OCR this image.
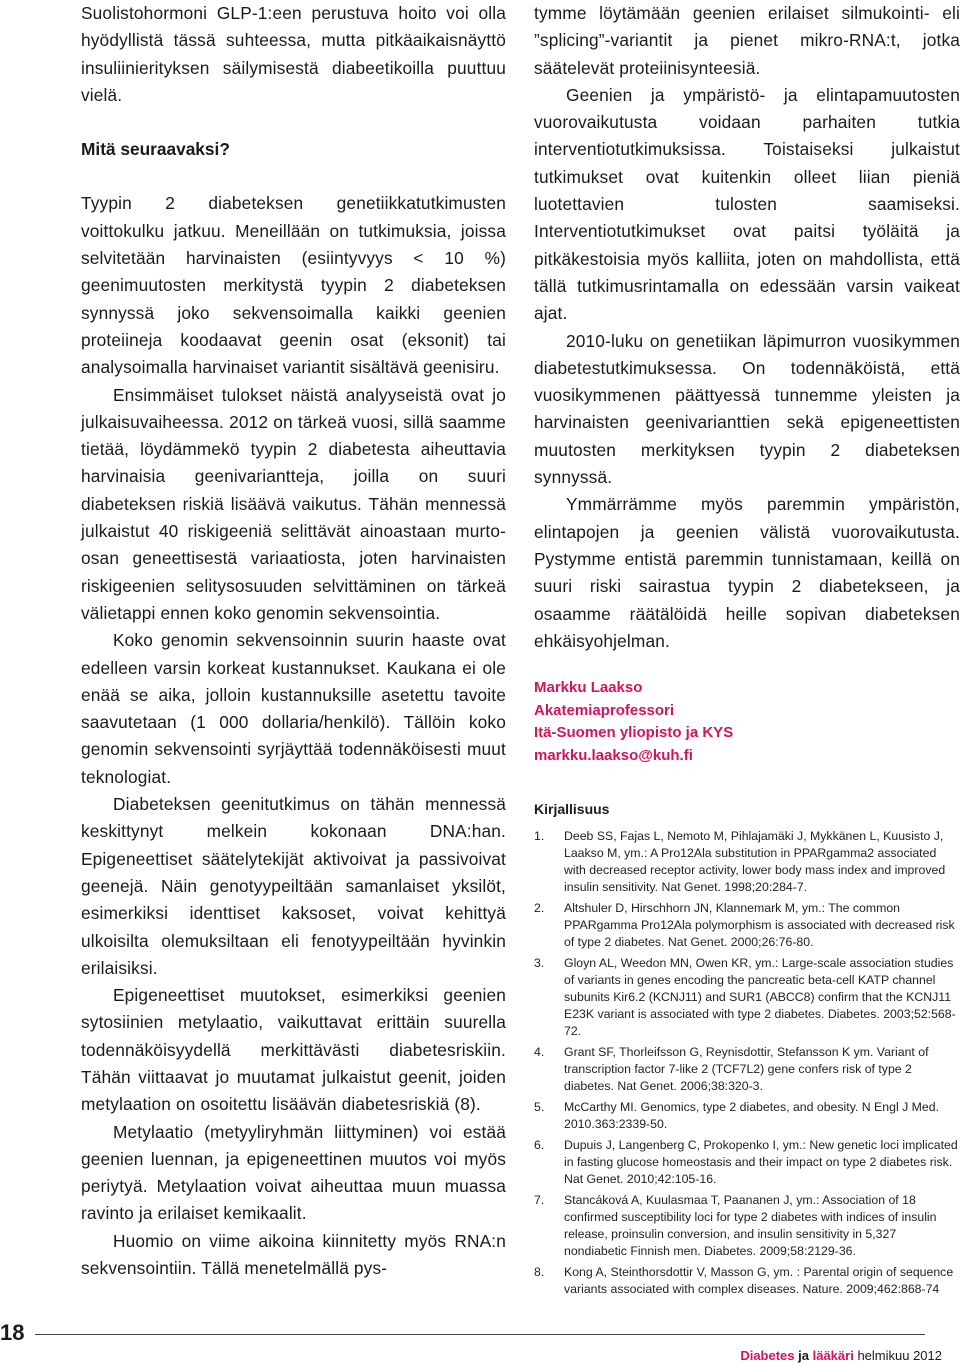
Suolistohormoni GLP-1:een perustuva hoito voi olla hyödyllistä tässä suhteessa, mutta pitkäaikaisnäyttö insuliinierityksen säilymisestä diabeetikoilla puuttuu vielä.

Mitä seuraavaksi?

Tyypin 2 diabeteksen genetiikkatutkimusten voittokulku jatkuu. Meneillään on tutkimuksia, joissa selvitetään harvinaisten (esiintyvyys < 10 %) geenimuutosten merkitystä tyypin 2 diabeteksen synnyssä joko sekvensoimalla kaikki geenien proteiineja koodaavat geenin osat (eksonit) tai analysoimalla harvinaiset variantit sisältävä geenisiru.

Ensimmäiset tulokset näistä analyyseistä ovat jo julkaisuvaiheessa. 2012 on tärkeä vuosi, sillä saamme tietää, löydämmekö tyypin 2 diabetesta aiheuttavia harvinaisia geenivariantteja, joilla on suuri diabeteksen riskiä lisäävä vaikutus. Tähän mennessä julkaistut 40 riskigeeniä selittävät ainoastaan murto-osan geneettisestä variaatiosta, joten harvinaisten riskigeenien selitysosuuden selvittäminen on tärkeä välietappi ennen koko genomin sekvensointia.

Koko genomin sekvensoinnin suurin haaste ovat edelleen varsin korkeat kustannukset. Kaukana ei ole enää se aika, jolloin kustannuksille asetettu tavoite saavutetaan (1 000 dollaria/henkilö). Tällöin koko genomin sekvensointi syrjäyttää todennäköisesti muut teknologiat.

Diabeteksen geenitutkimus on tähän mennessä keskittynyt melkein kokonaan DNA:han. Epigeneettiset säätelytekijät aktivoivat ja passivoivat geenejä. Näin genotyypeiltään samanlaiset yksilöt, esimerkiksi identtiset kaksoset, voivat kehittyä ulkoisilta olemuksiltaan eli fenotyypeiltään hyvinkin erilaisiksi.

Epigeneettiset muutokset, esimerkiksi geenien sytosiinien metylaatio, vaikuttavat erittäin suurella todennäköisyydellä merkittävästi diabetesriskiin. Tähän viittaavat jo muutamat julkaistut geenit, joiden metylaation on osoitettu lisäävän diabetesriskiä (8).

Metylaatio (metyyliryhmän liittyminen) voi estää geenien luennan, ja epigeneettinen muutos voi myös periytyä. Metylaation voivat aiheuttaa muun muassa ravinto ja erilaiset kemikaalit.

Huomio on viime aikoina kiinnitetty myös RNA:n sekvensointiin. Tällä menetelmällä pys-

tymme löytämään geenien erilaiset silmukointi- eli ”splicing”-variantit ja pienet mikro-RNA:t, jotka säätelevät proteiinisynteesiä.

Geenien ja ympäristö- ja elintapamuutosten vuorovaikutusta voidaan parhaiten tutkia interventiotutkimuksissa. Toistaiseksi julkaistut tutkimukset ovat kuitenkin olleet liian pieniä luotettavien tulosten saamiseksi. Interventiotutkimukset ovat paitsi työläitä ja pitkäkestoisia myös kalliita, joten on mahdollista, että tällä tutkimusrintamalla on edessään varsin vaikeat ajat.

2010-luku on genetiikan läpimurron vuosikymmen diabetestutkimuksessa. On todennäköistä, että vuosikymmenen päättyessä tunnemme yleisten ja harvinaisten geenivarianttien sekä epigeneettisten muutosten merkityksen tyypin 2 diabeteksen synnyssä.

Ymmärrämme myös paremmin ympäristön, elintapojen ja geenien välistä vuorovaikutusta. Pystymme entistä paremmin tunnistamaan, keillä on suuri riski sairastua tyypin 2 diabetekseen, ja osaamme räätälöidä heille sopivan diabeteksen ehkäisyohjelman.

Markku Laakso
Akatemiaprofessori
Itä-Suomen yliopisto ja KYS
markku.laakso@kuh.fi
Kirjallisuus
1. Deeb SS, Fajas L, Nemoto M, Pihlajamäki J, Mykkänen L, Kuusisto J, Laakso M, ym.: A Pro12Ala substitution in PPARgamma2 associated with decreased receptor activity, lower body mass index and improved insulin sensitivity. Nat Genet. 1998;20:284-7.
2. Altshuler D, Hirschhorn JN, Klannemark M, ym.: The common PPARgamma Pro12Ala polymorphism is associated with decreased risk of type 2 diabetes. Nat Genet. 2000;26:76-80.
3. Gloyn AL, Weedon MN, Owen KR, ym.: Large-scale association studies of variants in genes encoding the pancreatic beta-cell KATP channel subunits Kir6.2 (KCNJ11) and SUR1 (ABCC8) confirm that the KCNJ11 E23K variant is associated with type 2 diabetes. Diabetes. 2003;52:568-72.
4. Grant SF, Thorleifsson G, Reynisdottir, Stefansson K ym. Variant of transcription factor 7-like 2 (TCF7L2) gene confers risk of type 2 diabetes. Nat Genet. 2006;38:320-3.
5. McCarthy MI. Genomics, type 2 diabetes, and obesity. N Engl J Med. 2010.363:2339-50.
6. Dupuis J, Langenberg C, Prokopenko I, ym.: New genetic loci implicated in fasting glucose homeostasis and their impact on type 2 diabetes risk. Nat Genet. 2010;42:105-16.
7. Stancáková A, Kuulasmaa T, Paananen J, ym.: Association of 18 confirmed susceptibility loci for type 2 diabetes with indices of insulin release, proinsulin conversion, and insulin sensitivity in 5,327 nondiabetic Finnish men. Diabetes. 2009;58:2129-36.
8. Kong A, Steinthorsdottir V, Masson G, ym. : Parental origin of sequence variants associated with complex diseases. Nature. 2009;462:868-74
18
Diabetes ja lääkäri helmikuu 2012
